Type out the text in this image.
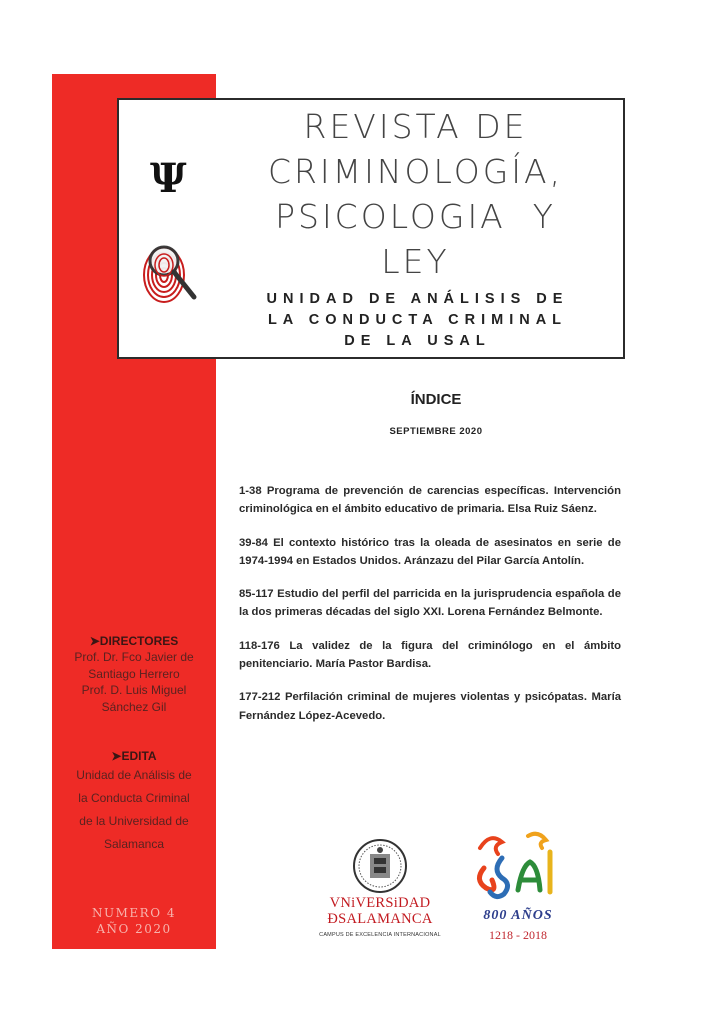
Ψ
REVISTA DE
CRIMINOLOGÍA,
PSICOLOGIA  Y
LEY
UNIDAD DE ANÁLISIS DE
LA CONDUCTA CRIMINAL
DE LA USAL
ÍNDICE
SEPTIEMBRE 2020

1-38 Programa de prevención de carencias específicas. Intervención criminológica en el ámbito educativo de primaria. Elsa Ruiz Sáenz.

39-84 El contexto histórico tras la oleada de asesinatos en serie de 1974-1994 en Estados Unidos. Aránzazu del Pilar García Antolín.

85-117 Estudio del perfil del parricida en la jurisprudencia española de la dos primeras décadas del siglo XXI. Lorena Fernández Belmonte.

118-176 La validez de la figura del criminólogo en el ámbito penitenciario. María Pastor Bardisa.

177-212 Perfilación criminal de mujeres violentas y psicópatas. María Fernández López-Acevedo.

➤DIRECTORES
Prof. Dr. Fco Javier de
Santiago Herrero
Prof. D. Luis Miguel
Sánchez Gil
➤EDITA
Unidad de Análisis de
la Conducta Criminal
de la Universidad de
Salamanca
NUMERO 4
AÑO 2020
VNiVERSiDAD
ÐSALAMANCA
CAMPUS DE EXCELENCIA INTERNACIONAL
800 AÑOS
1218 - 2018
